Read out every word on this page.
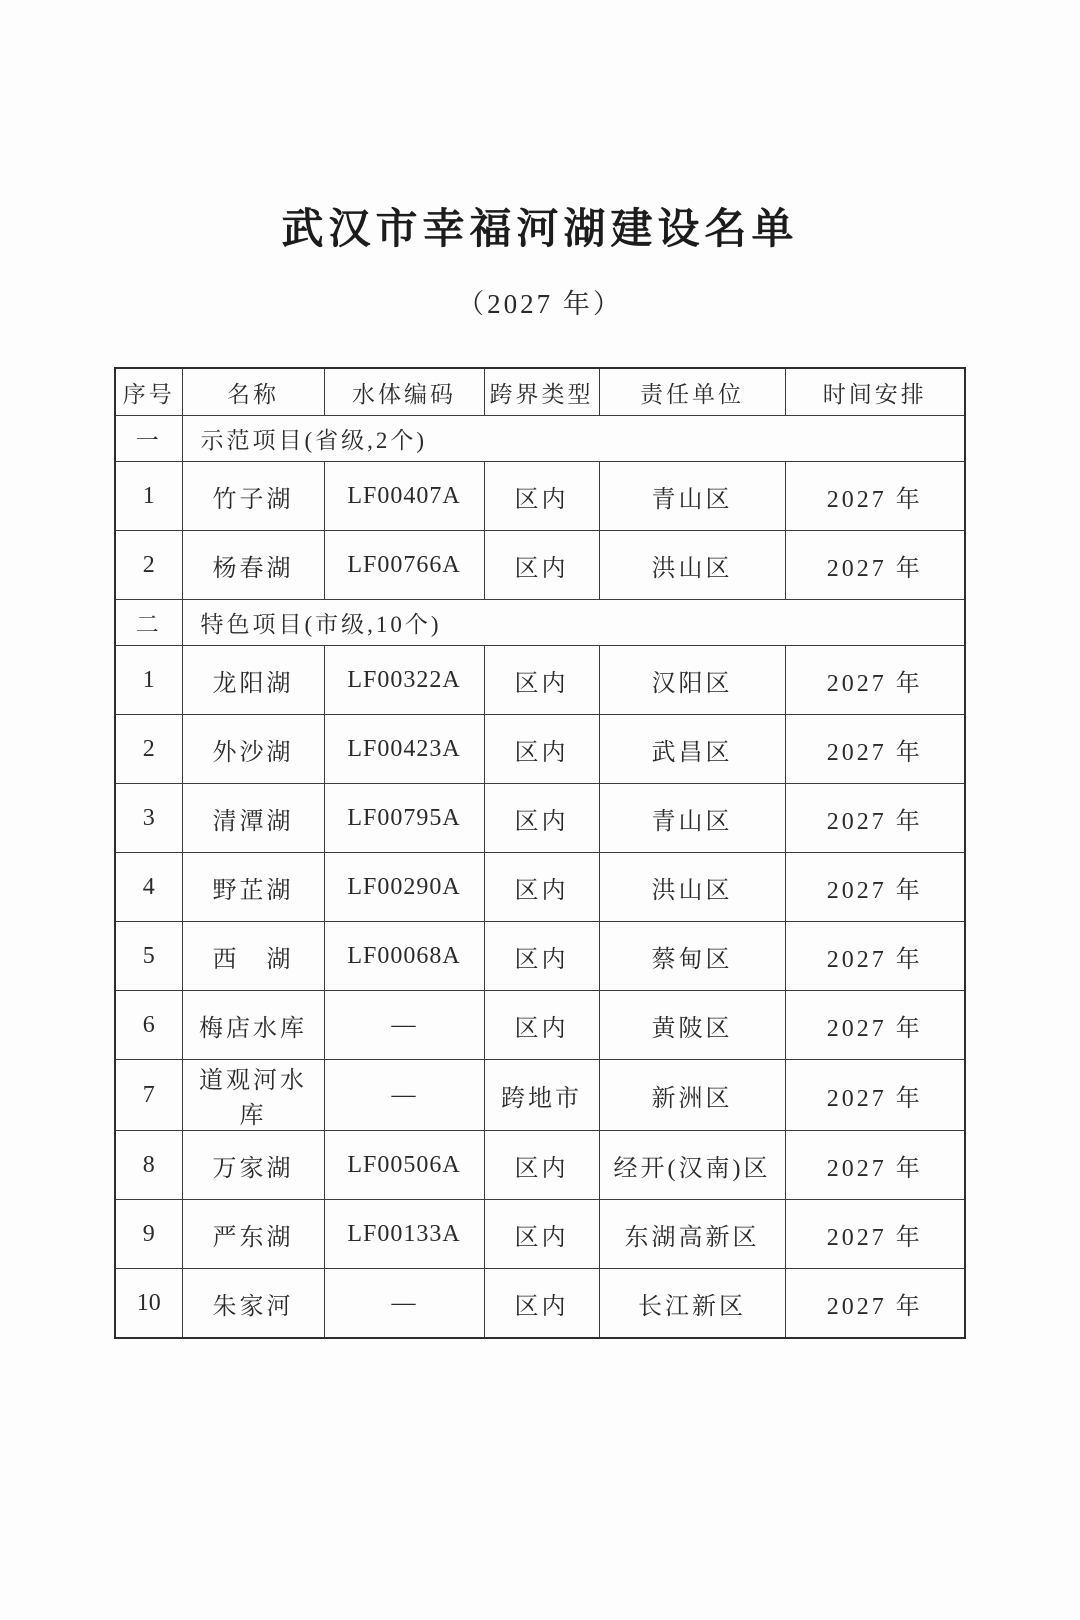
武汉市幸福河湖建设名单
（2027 年）
序号	名称	水体编码	跨界类型	责任单位	时间安排
一	示范项目(省级,2个)				
1	竹子湖	LF00407A	区内	青山区	2027 年
2	杨春湖	LF00766A	区内	洪山区	2027 年
二	特色项目(市级,10个)				
1	龙阳湖	LF00322A	区内	汉阳区	2027 年
2	外沙湖	LF00423A	区内	武昌区	2027 年
3	清潭湖	LF00795A	区内	青山区	2027 年
4	野芷湖	LF00290A	区内	洪山区	2027 年
5	西　湖	LF00068A	区内	蔡甸区	2027 年
6	梅店水库	—	区内	黄陂区	2027 年
7	道观河水库	—	跨地市	新洲区	2027 年
8	万家湖	LF00506A	区内	经开(汉南)区	2027 年
9	严东湖	LF00133A	区内	东湖高新区	2027 年
10	朱家河	—	区内	长江新区	2027 年
